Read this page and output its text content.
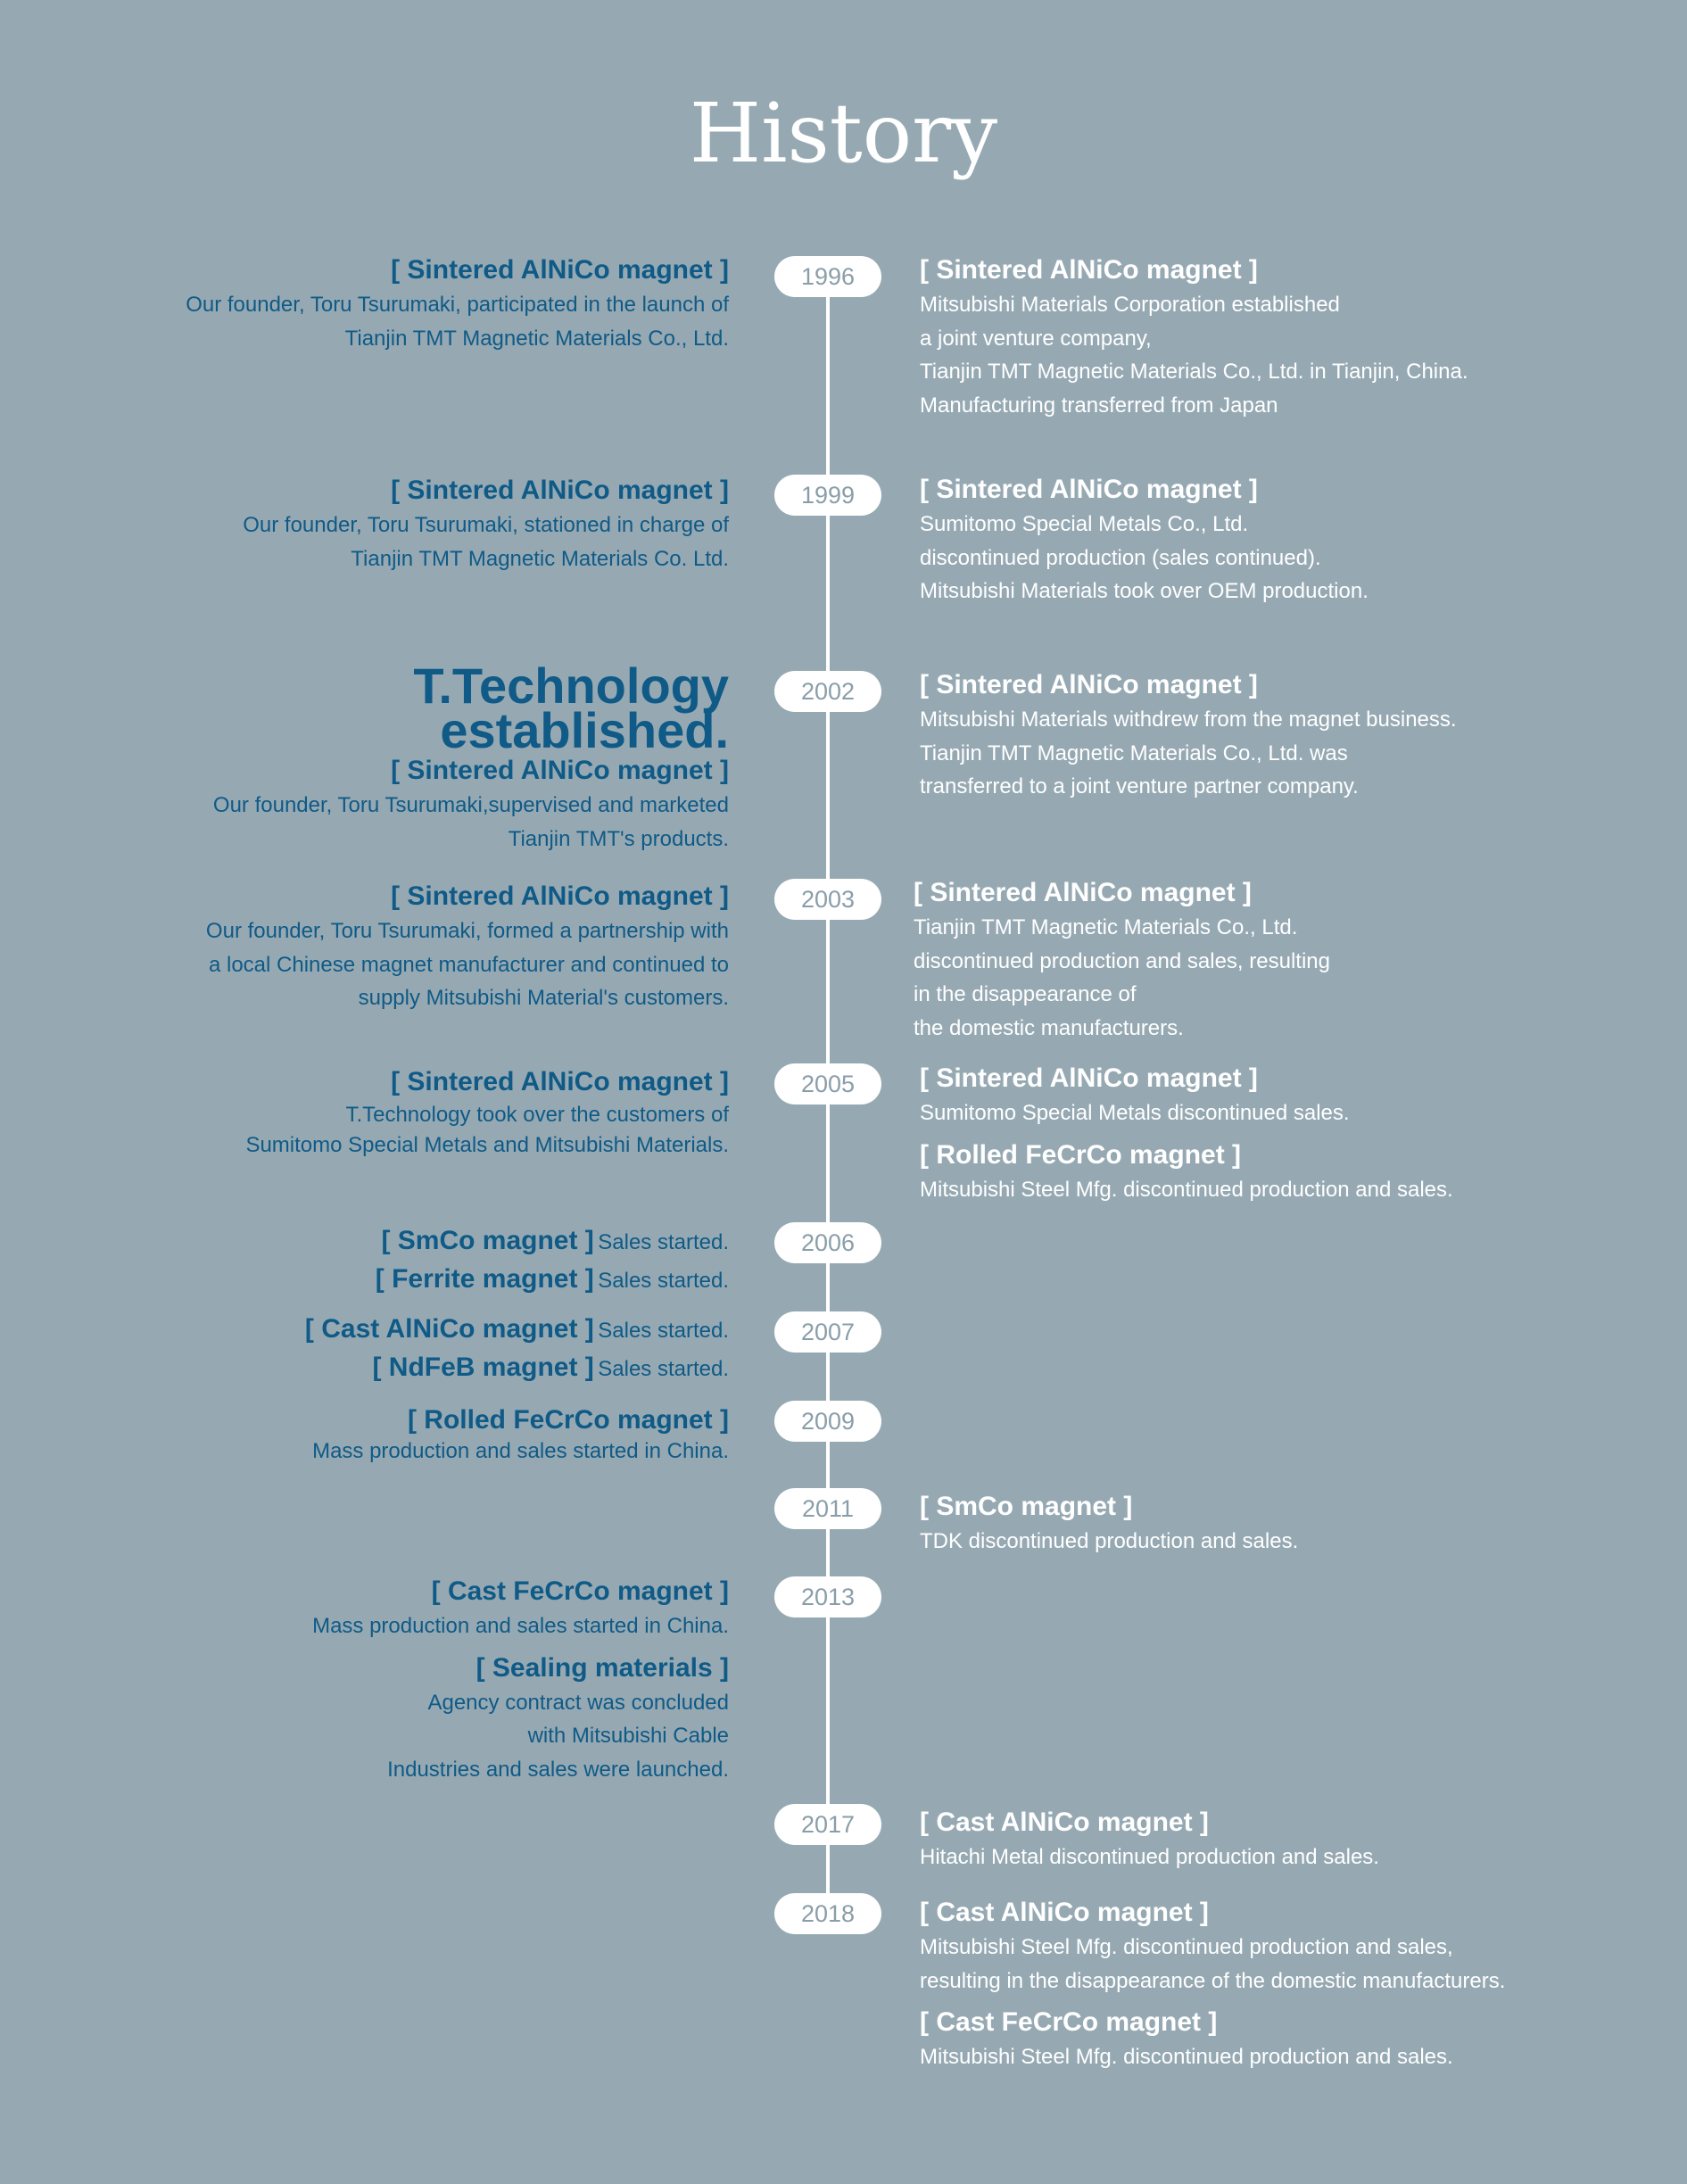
History
1996
1999
2002
2003
2005
2006
2007
2009
2011
2013
2017
2018
[ Sintered AlNiCo magnet ]
Our founder, Toru Tsurumaki, participated in the launch of
Tianjin TMT Magnetic Materials Co., Ltd.
[ Sintered AlNiCo magnet ]
Our founder, Toru Tsurumaki, stationed in charge of
Tianjin TMT Magnetic Materials Co. Ltd.
T.Technology
established.
[ Sintered AlNiCo magnet ]
Our founder, Toru Tsurumaki,supervised and marketed
Tianjin TMT's products.
[ Sintered AlNiCo magnet ]
Our founder, Toru Tsurumaki, formed a partnership with
a local Chinese magnet manufacturer and continued to
supply Mitsubishi Material's customers.
[ Sintered AlNiCo magnet ]
T.Technology took over the customers of
Sumitomo Special Metals and Mitsubishi Materials.
[ SmCo magnet ] Sales started.
[ Ferrite magnet ] Sales started.
[ Cast AlNiCo magnet ] Sales started.
[ NdFeB magnet ] Sales started.
[ Rolled FeCrCo magnet ]
Mass production and sales started in China.
[ Cast FeCrCo magnet ]
Mass production and sales started in China.
[ Sealing materials ]
Agency contract was concluded
with Mitsubishi Cable
Industries and sales were launched.
[ Sintered AlNiCo magnet ]
Mitsubishi Materials Corporation established
a joint venture company,
Tianjin TMT Magnetic Materials Co., Ltd. in Tianjin, China.
Manufacturing transferred from Japan
[ Sintered AlNiCo magnet ]
Sumitomo Special Metals Co., Ltd.
discontinued production (sales continued).
Mitsubishi Materials took over OEM production.
[ Sintered AlNiCo magnet ]
Mitsubishi Materials withdrew from the magnet business.
Tianjin TMT Magnetic Materials Co., Ltd. was
transferred to a joint venture partner company.
[ Sintered AlNiCo magnet ]
Tianjin TMT Magnetic Materials Co., Ltd.
discontinued production and sales, resulting
in the disappearance of
the domestic manufacturers.
[ Sintered AlNiCo magnet ]
Sumitomo Special Metals discontinued sales.
[ Rolled FeCrCo magnet ]
Mitsubishi Steel Mfg. discontinued production and sales.
[ SmCo magnet ]
TDK discontinued production and sales.
[ Cast AlNiCo magnet ]
Hitachi Metal discontinued production and sales.
[ Cast AlNiCo magnet ]
Mitsubishi Steel Mfg. discontinued production and sales,
resulting in the disappearance of the domestic manufacturers.
[ Cast FeCrCo magnet ]
Mitsubishi Steel Mfg. discontinued production and sales.
